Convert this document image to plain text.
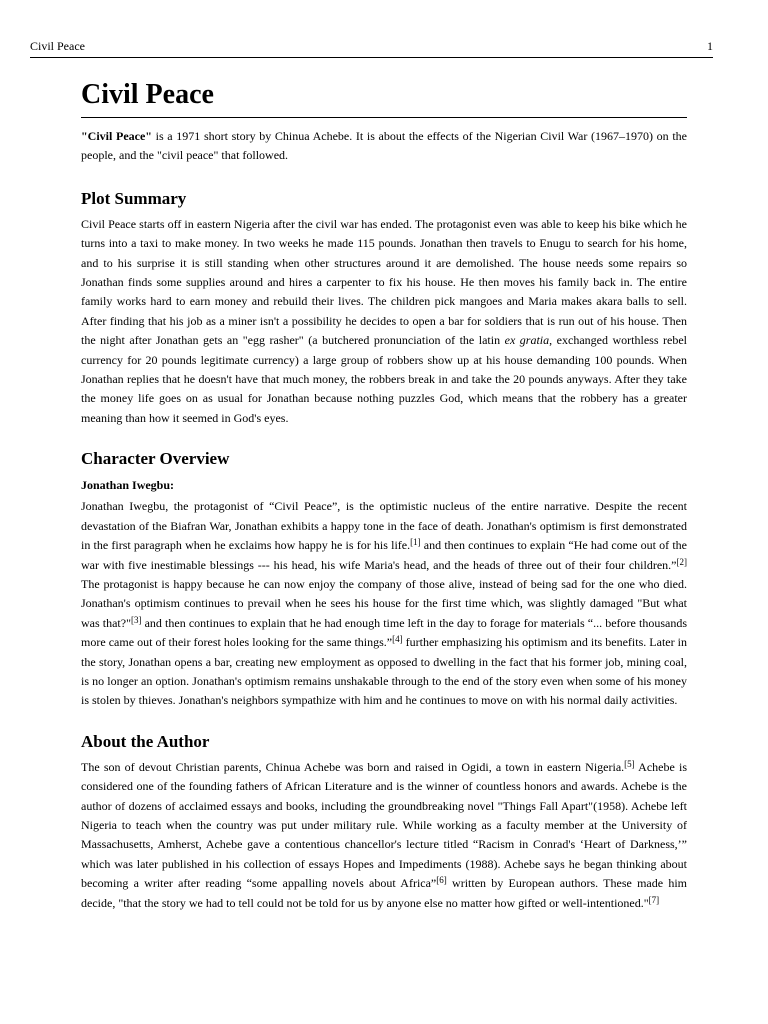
Civil Peace	1
Civil Peace

"Civil Peace" is a 1971 short story by Chinua Achebe. It is about the effects of the Nigerian Civil War (1967–1970) on the people, and the "civil peace" that followed.

Plot Summary

Civil Peace starts off in eastern Nigeria after the civil war has ended. The protagonist even was able to keep his bike which he turns into a taxi to make money. In two weeks he made 115 pounds. Jonathan then travels to Enugu to search for his home, and to his surprise it is still standing when other structures around it are demolished. The house needs some repairs so Jonathan finds some supplies around and hires a carpenter to fix his house. He then moves his family back in. The entire family works hard to earn money and rebuild their lives. The children pick mangoes and Maria makes akara balls to sell. After finding that his job as a miner isn't a possibility he decides to open a bar for soldiers that is run out of his house. Then the night after Jonathan gets an "egg rasher" (a butchered pronunciation of the latin ex gratia, exchanged worthless rebel currency for 20 pounds legitimate currency) a large group of robbers show up at his house demanding 100 pounds. When Jonathan replies that he doesn't have that much money, the robbers break in and take the 20 pounds anyways. After they take the money life goes on as usual for Jonathan because nothing puzzles God, which means that the robbery has a greater meaning than how it seemed in God's eyes.

Character Overview
Jonathan Iwegbu:

Jonathan Iwegbu, the protagonist of “Civil Peace”, is the optimistic nucleus of the entire narrative. Despite the recent devastation of the Biafran War, Jonathan exhibits a happy tone in the face of death. Jonathan's optimism is first demonstrated in the first paragraph when he exclaims how happy he is for his life.[1] and then continues to explain “He had come out of the war with five inestimable blessings --- his head, his wife Maria's head, and the heads of three out of their four children.”[2] The protagonist is happy because he can now enjoy the company of those alive, instead of being sad for the one who died. Jonathan's optimism continues to prevail when he sees his house for the first time which, was slightly damaged "But what was that?"[3] and then continues to explain that he had enough time left in the day to forage for materials “... before thousands more came out of their forest holes looking for the same things.”[4] further emphasizing his optimism and its benefits. Later in the story, Jonathan opens a bar, creating new employment as opposed to dwelling in the fact that his former job, mining coal, is no longer an option. Jonathan's optimism remains unshakable through to the end of the story even when some of his money is stolen by thieves. Jonathan's neighbors sympathize with him and he continues to move on with his normal daily activities.

About the Author

The son of devout Christian parents, Chinua Achebe was born and raised in Ogidi, a town in eastern Nigeria.[5] Achebe is considered one of the founding fathers of African Literature and is the winner of countless honors and awards. Achebe is the author of dozens of acclaimed essays and books, including the groundbreaking novel "Things Fall Apart"(1958). Achebe left Nigeria to teach when the country was put under military rule. While working as a faculty member at the University of Massachusetts, Amherst, Achebe gave a contentious chancellor's lecture titled “Racism in Conrad's ‘Heart of Darkness,’” which was later published in his collection of essays Hopes and Impediments (1988). Achebe says he began thinking about becoming a writer after reading “some appalling novels about Africa”[6] written by European authors. These made him decide, "that the story we had to tell could not be told for us by anyone else no matter how gifted or well-intentioned."[7]
